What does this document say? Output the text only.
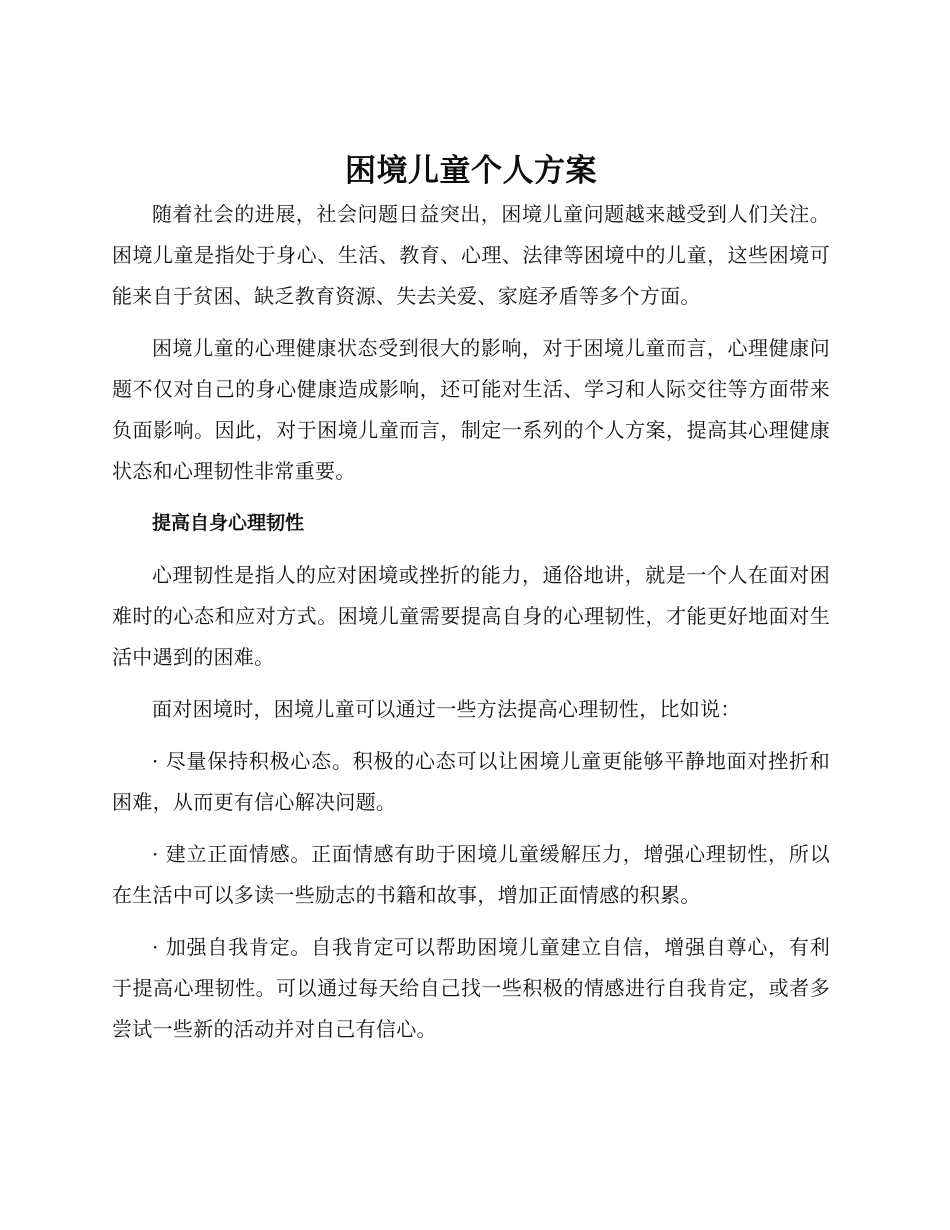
困境儿童个人方案

随着社会的进展，社会问题日益突出，困境儿童问题越来越受到人们关注。困境儿童是指处于身心、生活、教育、心理、法律等困境中的儿童，这些困境可能来自于贫困、缺乏教育资源、失去关爱、家庭矛盾等多个方面。

困境儿童的心理健康状态受到很大的影响，对于困境儿童而言，心理健康问题不仅对自己的身心健康造成影响，还可能对生活、学习和人际交往等方面带来负面影响。因此，对于困境儿童而言，制定一系列的个人方案，提高其心理健康状态和心理韧性非常重要。

提高自身心理韧性

心理韧性是指人的应对困境或挫折的能力，通俗地讲，就是一个人在面对困难时的心态和应对方式。困境儿童需要提高自身的心理韧性，才能更好地面对生活中遇到的困难。

面对困境时，困境儿童可以通过一些方法提高心理韧性，比如说：

· 尽量保持积极心态。积极的心态可以让困境儿童更能够平静地面对挫折和困难，从而更有信心解决问题。

· 建立正面情感。正面情感有助于困境儿童缓解压力，增强心理韧性，所以在生活中可以多读一些励志的书籍和故事，增加正面情感的积累。

· 加强自我肯定。自我肯定可以帮助困境儿童建立自信，增强自尊心，有利于提高心理韧性。可以通过每天给自己找一些积极的情感进行自我肯定，或者多尝试一些新的活动并对自己有信心。
